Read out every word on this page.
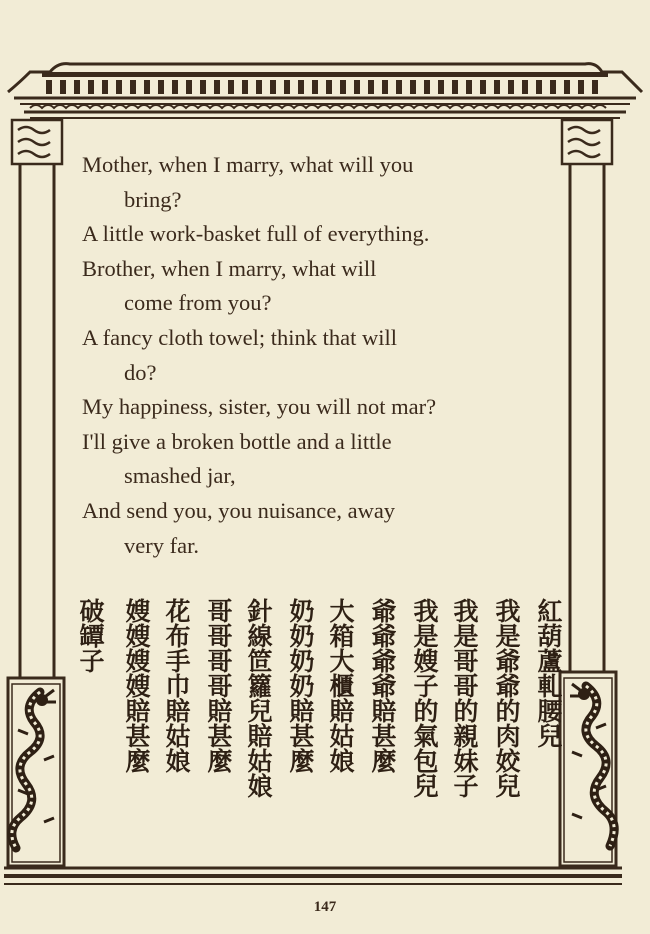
Mother, when I marry, what will you
bring?
A little work-basket full of everything.
Brother, when I marry, what will
come from you?
A fancy cloth towel; think that will
do?
My happiness, sister, you will not mar?
I'll give a broken bottle and a little
smashed jar,
And send you, you nuisance, away
very far.
紅葫蘆軋腰兒
我是爺爺的肉姣兒
我是哥哥的親妹子
我是嫂子的氣包兒
爺爺爺爺賠甚麼
大箱大櫃賠姑娘
奶奶奶奶賠甚麼
針線笸籮兒賠姑娘
哥哥哥哥賠甚麼
花布手巾賠姑娘
嫂嫂嫂嫂賠甚麼
破罈子
147
